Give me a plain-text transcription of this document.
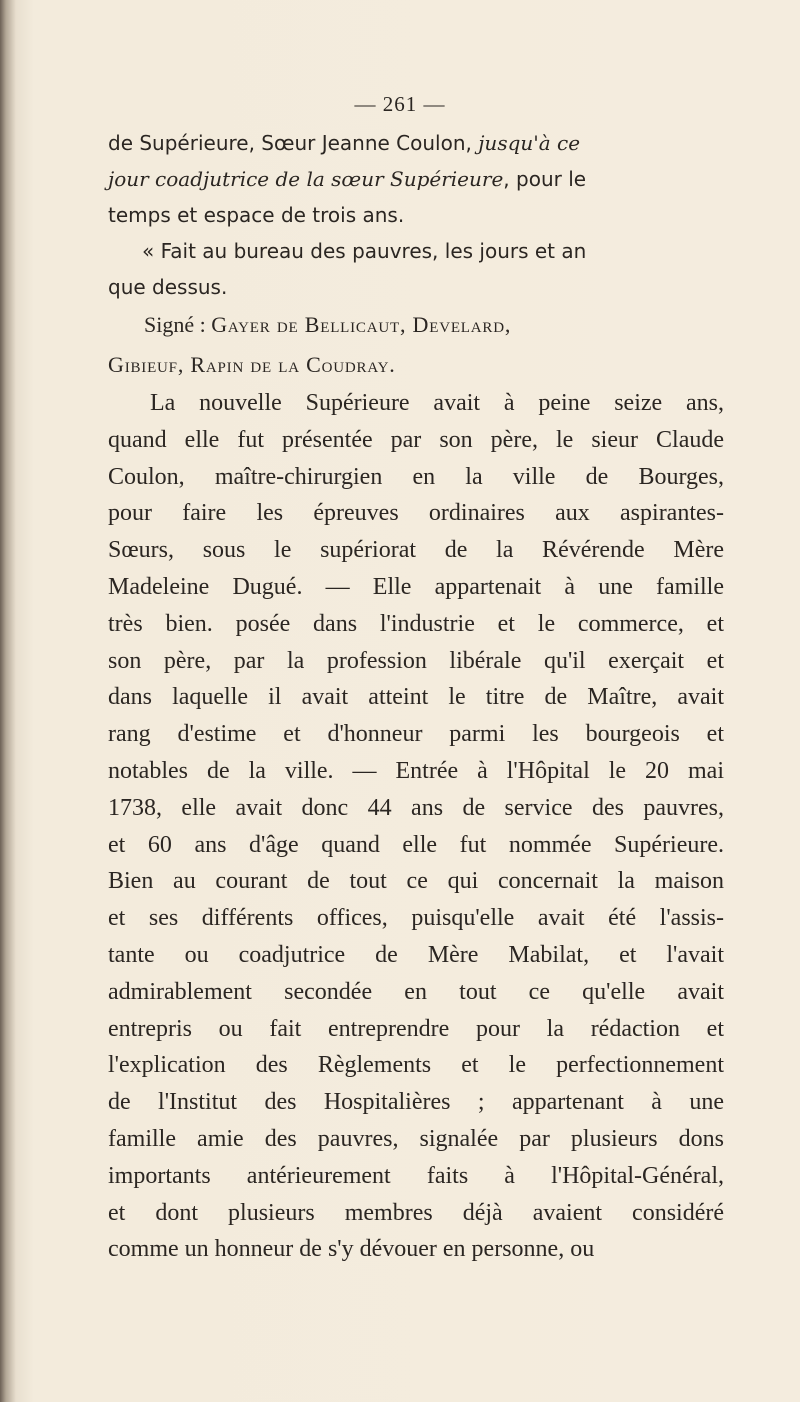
— 261 —
de Supérieure, Sœur Jeanne Coulon, jusqu'à ce
jour coadjutrice de la sœur Supérieure, pour le
temps et espace de trois ans.
« Fait au bureau des pauvres, les jours et an
que dessus.
Signé : Gayer de Bellicaut, Develard,
Gibieuf, Rapin de la Coudray.
La nouvelle Supérieure avait à peine seize ans,
quand elle fut présentée par son père, le sieur Claude
Coulon, maître-chirurgien en la ville de Bourges,
pour faire les épreuves ordinaires aux aspirantes-
Sœurs, sous le supériorat de la Révérende Mère
Madeleine Dugué. — Elle appartenait à une famille
très bien. posée dans l'industrie et le commerce, et
son père, par la profession libérale qu'il exerçait et
dans laquelle il avait atteint le titre de Maître, avait
rang d'estime et d'honneur parmi les bourgeois et
notables de la ville. — Entrée à l'Hôpital le 20 mai
1738, elle avait donc 44 ans de service des pauvres,
et 60 ans d'âge quand elle fut nommée Supérieure.
Bien au courant de tout ce qui concernait la maison
et ses différents offices, puisqu'elle avait été l'assis-
tante ou coadjutrice de Mère Mabilat, et l'avait
admirablement secondée en tout ce qu'elle avait
entrepris ou fait entreprendre pour la rédaction et
l'explication des Règlements et le perfectionnement
de l'Institut des Hospitalières ; appartenant à une
famille amie des pauvres, signalée par plusieurs dons
importants antérieurement faits à l'Hôpital-Général,
et dont plusieurs membres déjà avaient considéré
comme un honneur de s'y dévouer en personne, ou
